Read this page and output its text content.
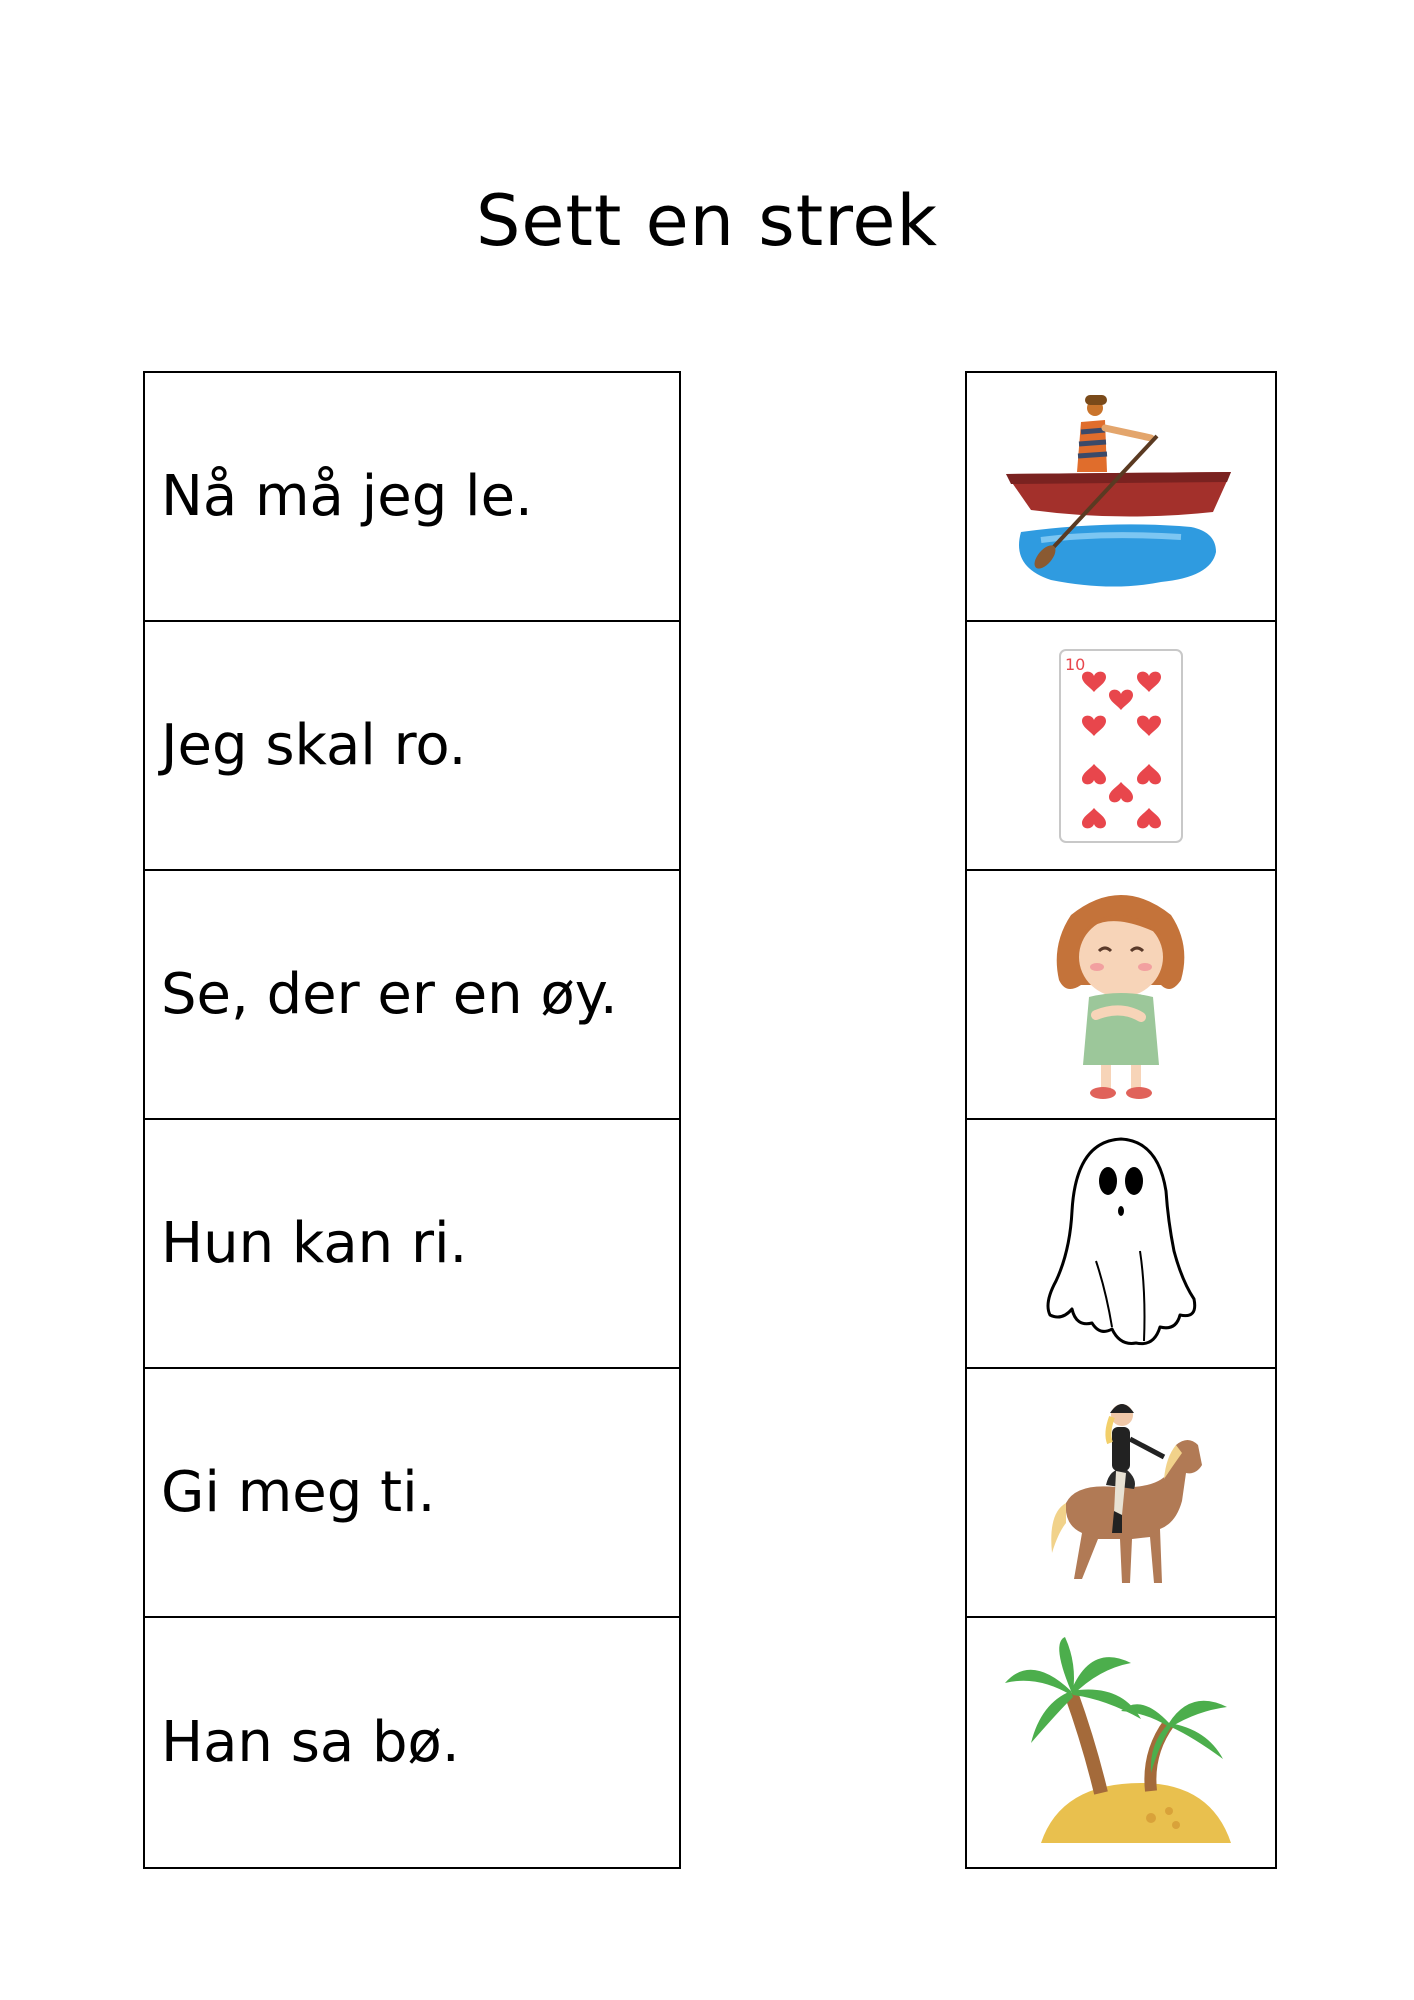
Sett en strek
Nå må jeg le.
Jeg skal ro.
Se, der er en øy.
Hun kan ri.
Gi meg ti.
Han sa bø.
10
